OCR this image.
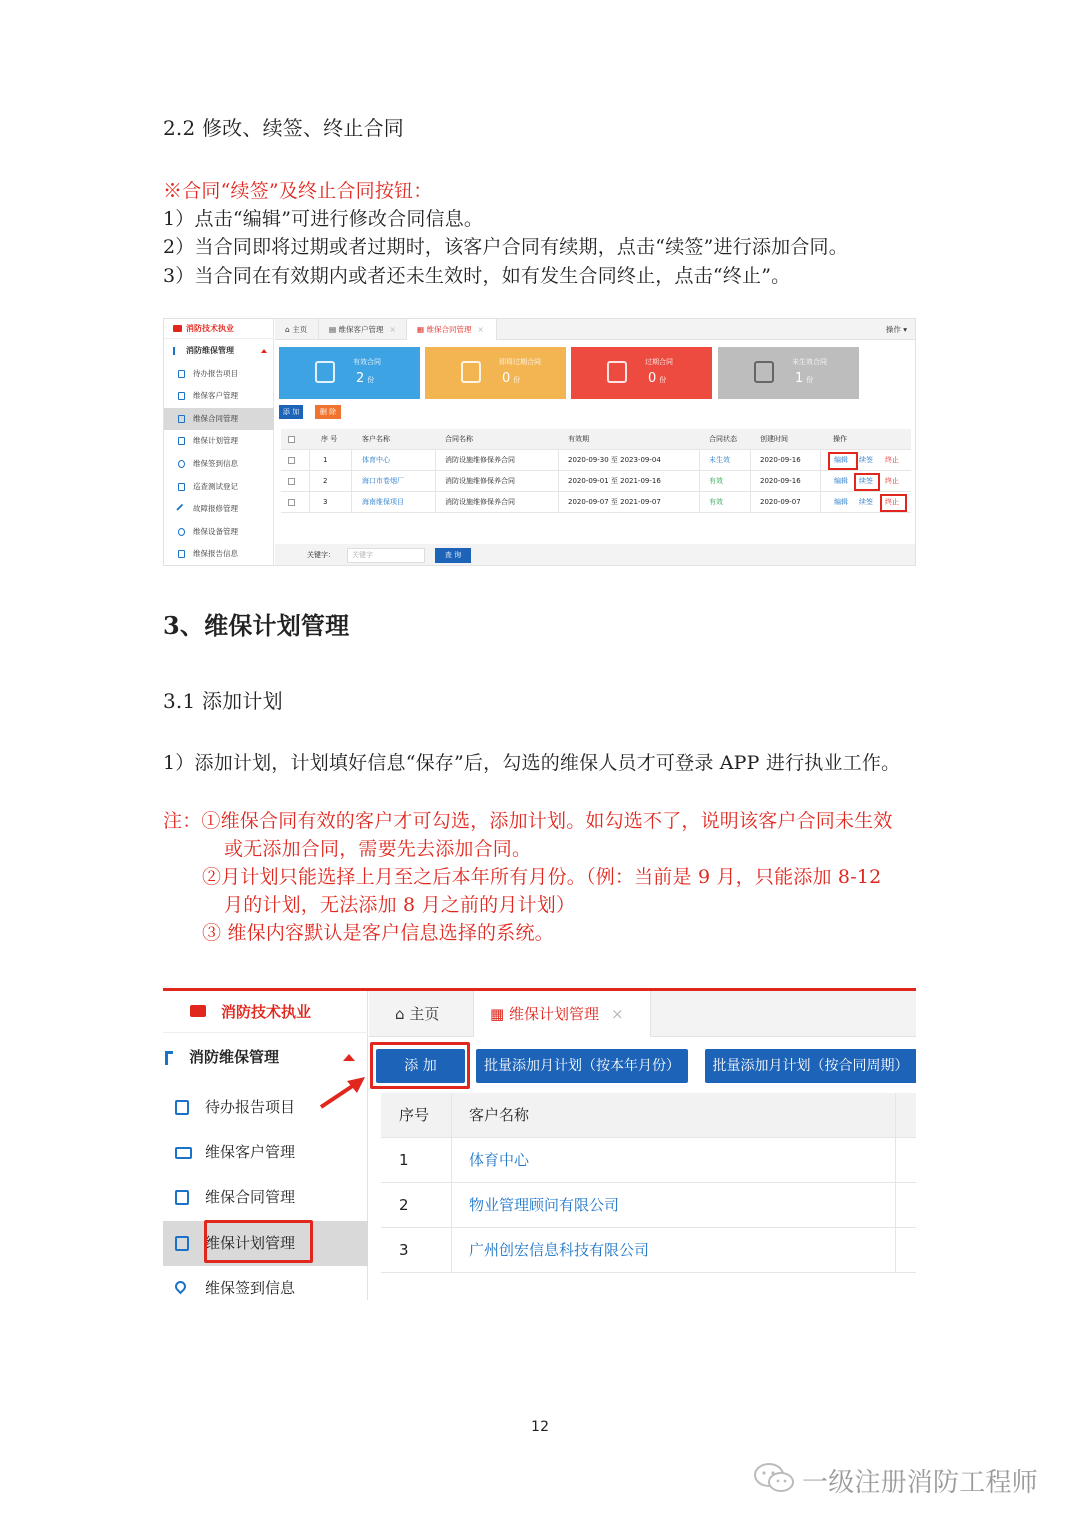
2.2 修改、续签、终止合同
※合同“续签”及终止合同按钮：
1）点击“编辑”可进行修改合同信息。
2）当合同即将过期或者过期时，该客户合同有续期，点击“续签”进行添加合同。
3）当合同在有效期内或者还未生效时，如有发生合同终止，点击“终止”。
消防技术执业
消防维保管理
待办报告项目
维保客户管理
维保合同管理
维保计划管理
维保签到信息
巡查测试登记
故障报修管理
维保设备管理
维保报告信息
⌂ 主页	▤ 维保客户管理 ×	▦ 维保合同管理 ×	操作 ▾
有效合同
2 份
即将过期合同
0 份
过期合同
0 份
未生效合同
1 份
添 加	删 除
序 号	客户名称	合同名称	有效期	合同状态	创建时间	操作
1	体育中心	消防设施维修保养合同	2020-09-30 至 2023-09-04	未生效	2020-09-16	编辑 续签 终止
2	海口市卷烟厂	消防设施维修保养合同	2020-09-01 至 2021-09-16	有效	2020-09-16	编辑 续签 终止
3	海南维保项目	消防设施维修保养合同	2020-09-07 至 2021-09-07	有效	2020-09-07	编辑 续签 终止
关键字：	关键字	查 询
3、维保计划管理
3.1 添加计划
1）添加计划，计划填好信息“保存”后，勾选的维保人员才可登录 APP 进行执业工作。
注：①维保合同有效的客户才可勾选，添加计划。如勾选不了，说明该客户合同未生效
或无添加合同，需要先去添加合同。
②月计划只能选择上月至之后本年所有月份。（例：当前是 9 月，只能添加 8-12
月的计划，无法添加 8 月之前的月计划）
③ 维保内容默认是客户信息选择的系统。
消防技术执业
消防维保管理
待办报告项目
维保客户管理
维保合同管理
维保计划管理
维保签到信息
⌂ 主页	▦ 维保计划管理 ×
添 加	批量添加月计划（按本年月份）	批量添加月计划（按合同周期）
序号	客户名称
1	体育中心
2	物业管理顾问有限公司
3	广州创宏信息科技有限公司
12
一级注册消防工程师
